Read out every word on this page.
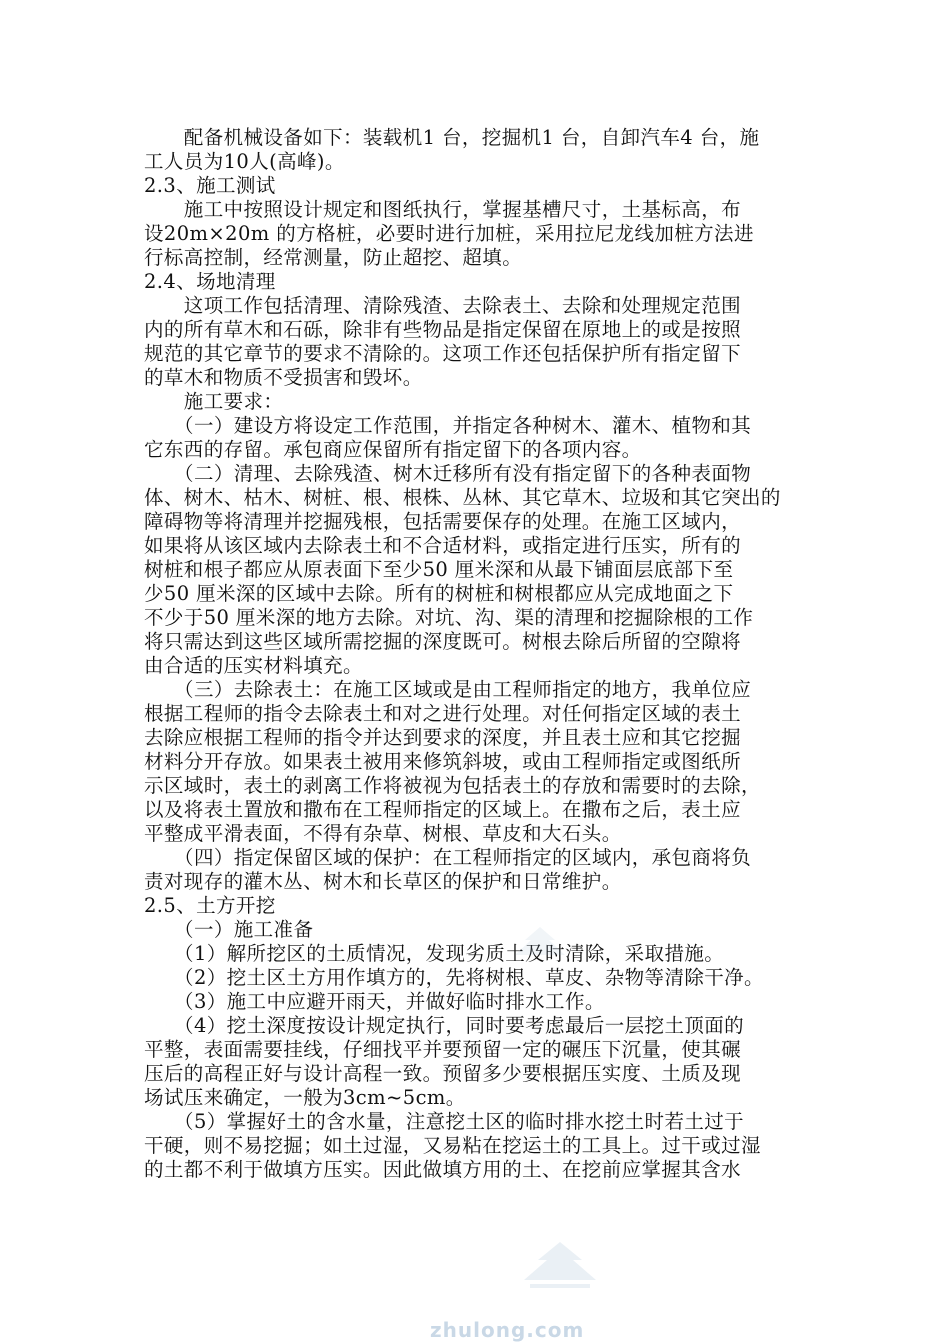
　　配备机械设备如下：装载机1 台，挖掘机1 台，自卸汽车4 台，施
工人员为10人(高峰)。
2.3、施工测试
　　施工中按照设计规定和图纸执行，掌握基槽尺寸，土基标高，布
设20m×20m 的方格桩，必要时进行加桩，采用拉尼龙线加桩方法进
行标高控制，经常测量，防止超挖、超填。
2.4、场地清理
　　这项工作包括清理、清除残渣、去除表土、去除和处理规定范围
内的所有草木和石砾，除非有些物品是指定保留在原地上的或是按照
规范的其它章节的要求不清除的。这项工作还包括保护所有指定留下
的草木和物质不受损害和毁坏。
　　施工要求：
　　（一）建设方将设定工作范围，并指定各种树木、灌木、植物和其
它东西的存留。承包商应保留所有指定留下的各项内容。
　　（二）清理、去除残渣、树木迁移所有没有指定留下的各种表面物
体、树木、枯木、树桩、根、根株、丛林、其它草木、垃圾和其它突出的
障碍物等将清理并挖掘残根，包括需要保存的处理。在施工区域内，
如果将从该区域内去除表土和不合适材料，或指定进行压实，所有的
树桩和根子都应从原表面下至少50 厘米深和从最下铺面层底部下至
少50 厘米深的区域中去除。所有的树桩和树根都应从完成地面之下
不少于50 厘米深的地方去除。对坑、沟、渠的清理和挖掘除根的工作
将只需达到这些区域所需挖掘的深度既可。树根去除后所留的空隙将
由合适的压实材料填充。
　　（三）去除表土：在施工区域或是由工程师指定的地方，我单位应
根据工程师的指令去除表土和对之进行处理。对任何指定区域的表土
去除应根据工程师的指令并达到要求的深度，并且表土应和其它挖掘
材料分开存放。如果表土被用来修筑斜坡，或由工程师指定或图纸所
示区域时，表土的剥离工作将被视为包括表土的存放和需要时的去除，
以及将表土置放和撒布在工程师指定的区域上。在撒布之后，表土应
平整成平滑表面，不得有杂草、树根、草皮和大石头。
　　（四）指定保留区域的保护：在工程师指定的区域内，承包商将负
责对现存的灌木丛、树木和长草区的保护和日常维护。
2.5、土方开挖
　　（一）施工准备
　　（1）解所挖区的土质情况，发现劣质土及时清除，采取措施。
　　（2）挖土区土方用作填方的，先将树根、草皮、杂物等清除干净。
　　（3）施工中应避开雨天，并做好临时排水工作。
　　（4）挖土深度按设计规定执行，同时要考虑最后一层挖土顶面的
平整，表面需要挂线，仔细找平并要预留一定的碾压下沉量，使其碾
压后的高程正好与设计高程一致。预留多少要根据压实度、土质及现
场试压来确定，一般为3cm~5cm。
　　（5）掌握好土的含水量，注意挖土区的临时排水挖土时若土过于
干硬，则不易挖掘；如土过湿，又易粘在挖运土的工具上。过干或过湿
的土都不利于做填方压实。因此做填方用的土、在挖前应掌握其含水
zhulong.com
